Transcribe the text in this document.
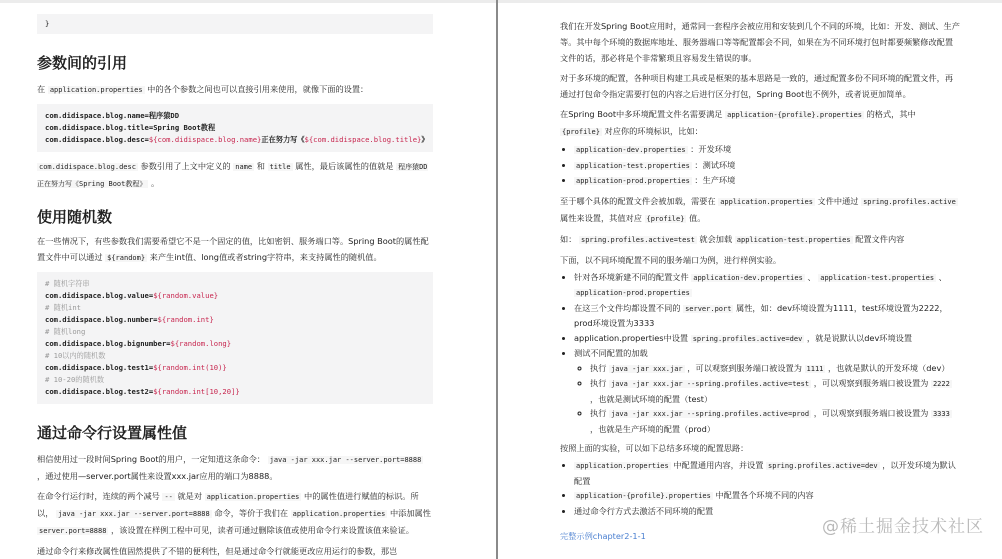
}
参数间的引用

在 application.properties 中的各个参数之间也可以直接引用来使用，就像下面的设置：

com.didispace.blog.name=程序猿DD
com.didispace.blog.title=Spring Boot教程
com.didispace.blog.desc=${com.didispace.blog.name}正在努力写《${com.didispace.blog.title}》

com.didispace.blog.desc 参数引用了上文中定义的 name 和 title 属性，最后该属性的值就是 程序猿DD正在努力写《Spring Boot教程》 。

使用随机数

在一些情况下，有些参数我们需要希望它不是一个固定的值，比如密钥、服务端口等。Spring Boot的属性配置文件中可以通过 ${random} 来产生int值、long值或者string字符串，来支持属性的随机值。

# 随机字符串
com.didispace.blog.value=${random.value}
# 随机int
com.didispace.blog.number=${random.int}
# 随机long
com.didispace.blog.bignumber=${random.long}
# 10以内的随机数
com.didispace.blog.test1=${random.int(10)}
# 10-20的随机数
com.didispace.blog.test2=${random.int[10,20]}
通过命令行设置属性值

相信使用过一段时间Spring Boot的用户，一定知道这条命令： java -jar xxx.jar --server.port=8888 ，通过使用—server.port属性来设置xxx.jar应用的端口为8888。

在命令行运行时，连续的两个减号 -- 就是对 application.properties 中的属性值进行赋值的标识。所以， java -jar xxx.jar --server.port=8888 命令，等价于我们在 application.properties 中添加属性 server.port=8888 ，该设置在样例工程中可见，读者可通过删除该值或使用命令行来设置该值来验证。

通过命令行来修改属性值固然提供了不错的便利性，但是通过命令行就能更改应用运行的参数，那岂

我们在开发Spring Boot应用时，通常同一套程序会被应用和安装到几个不同的环境，比如：开发、测试、生产等。其中每个环境的数据库地址、服务器端口等等配置都会不同，如果在为不同环境打包时都要频繁修改配置文件的话，那必将是个非常繁琐且容易发生错误的事。

对于多环境的配置，各种项目构建工具或是框架的基本思路是一致的，通过配置多份不同环境的配置文件，再通过打包命令指定需要打包的内容之后进行区分打包，Spring Boot也不例外，或者说更加简单。

在Spring Boot中多环境配置文件名需要满足 application-{profile}.properties 的格式，其中 {profile} 对应你的环境标识，比如：

• application-dev.properties ：开发环境
• application-test.properties ：测试环境
• application-prod.properties ：生产环境

至于哪个具体的配置文件会被加载，需要在 application.properties 文件中通过 spring.profiles.active 属性来设置，其值对应 {profile} 值。

如： spring.profiles.active=test 就会加载 application-test.properties 配置文件内容

下面，以不同环境配置不同的服务端口为例，进行样例实验。

• 针对各环境新建不同的配置文件 application-dev.properties 、 application-test.properties 、 application-prod.properties
• 在这三个文件均都设置不同的 server.port 属性，如：dev环境设置为1111，test环境设置为2222，prod环境设置为3333
• application.properties中设置 spring.profiles.active=dev ，就是说默认以dev环境设置
• 测试不同配置的加载
◦ 执行 java -jar xxx.jar ，可以观察到服务端口被设置为 1111 ，也就是默认的开发环境（dev）
◦ 执行 java -jar xxx.jar --spring.profiles.active=test ，可以观察到服务端口被设置为 2222 ，也就是测试环境的配置（test）
◦ 执行 java -jar xxx.jar --spring.profiles.active=prod ，可以观察到服务端口被设置为 3333 ，也就是生产环境的配置（prod）

按照上面的实验，可以如下总结多环境的配置思路：

• application.properties 中配置通用内容，并设置 spring.profiles.active=dev ，以开发环境为默认配置
• application-{profile}.properties 中配置各个环境不同的内容
• 通过命令行方式去激活不同环境的配置
完整示例chapter2-1-1	@稀土掘金技术社区
